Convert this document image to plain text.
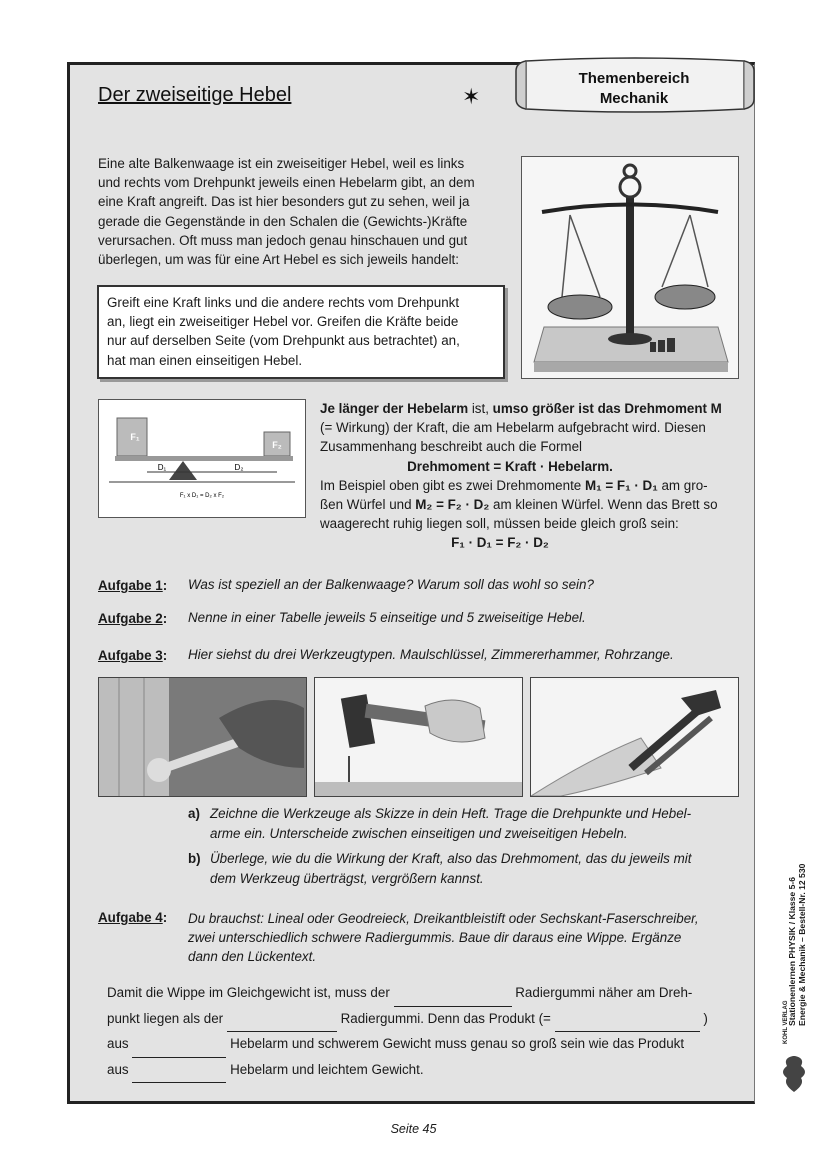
Themenbereich
Mechanik
Der zweiseitige Hebel	✶
Eine alte Balkenwaage ist ein zweiseitiger Hebel, weil es links
und rechts vom Drehpunkt jeweils einen Hebelarm gibt, an dem
eine Kraft angreift. Das ist hier besonders gut zu sehen, weil ja
gerade die Gegenstände in den Schalen die (Gewichts-)Kräfte
verursachen. Oft muss man jedoch genau hinschauen und gut
überlegen, um was für eine Art Hebel es sich jeweils handelt:
Greift eine Kraft links und die andere rechts vom Drehpunkt
an, liegt ein zweiseitiger Hebel vor. Greifen die Kräfte beide
nur auf derselben Seite (vom Drehpunkt aus betrachtet) an,
hat man einen einseitigen Hebel.
F₁
F₂
D₁	D₂
F₁ x D₁ = D₂ x F₂
Je länger der Hebelarm ist, umso größer ist das Drehmoment M
(= Wirkung) der Kraft, die am Hebelarm aufgebracht wird. Diesen
Zusammenhang beschreibt auch die Formel
Drehmoment = Kraft · Hebelarm.
Im Beispiel oben gibt es zwei Drehmomente M₁ = F₁ · D₁ am gro-
ßen Würfel und M₂ = F₂ · D₂ am kleinen Würfel. Wenn das Brett so
waagerecht ruhig liegen soll, müssen beide gleich groß sein:
F₁ · D₁ = F₂ · D₂
Aufgabe 1: Was ist speziell an der Balkenwaage? Warum soll das wohl so sein?
Aufgabe 2: Nenne in einer Tabelle jeweils 5 einseitige und 5 zweiseitige Hebel.
Aufgabe 3: Hier siehst du drei Werkzeugtypen. Maulschlüssel, Zimmererhammer, Rohrzange.
a) Zeichne die Werkzeuge als Skizze in dein Heft. Trage die Drehpunkte und Hebel-
arme ein. Unterscheide zwischen einseitigen und zweiseitigen Hebeln.
b) Überlege, wie du die Wirkung der Kraft, also das Drehmoment, das du jeweils mit
dem Werkzeug überträgst, vergrößern kannst.
Aufgabe 4: Du brauchst: Lineal oder Geodreieck, Dreikantbleistift oder Sechskant-Faserschreiber,
zwei unterschiedlich schwere Radiergummis. Baue dir daraus eine Wippe. Ergänze
dann den Lückentext.
Damit die Wippe im Gleichgewicht ist, muss der	Radiergummi näher am Dreh-
punkt liegen als der	Radiergummi. Denn das Produkt (=	)
aus	Hebelarm und schwerem Gewicht muss genau so groß sein wie das Produkt
aus	Hebelarm und leichtem Gewicht.
Stationenlernen PHYSIK / Klasse 5-6 Energie & Mechanik – Bestell-Nr. 12 530
KOHL VERLAG
Seite 45
